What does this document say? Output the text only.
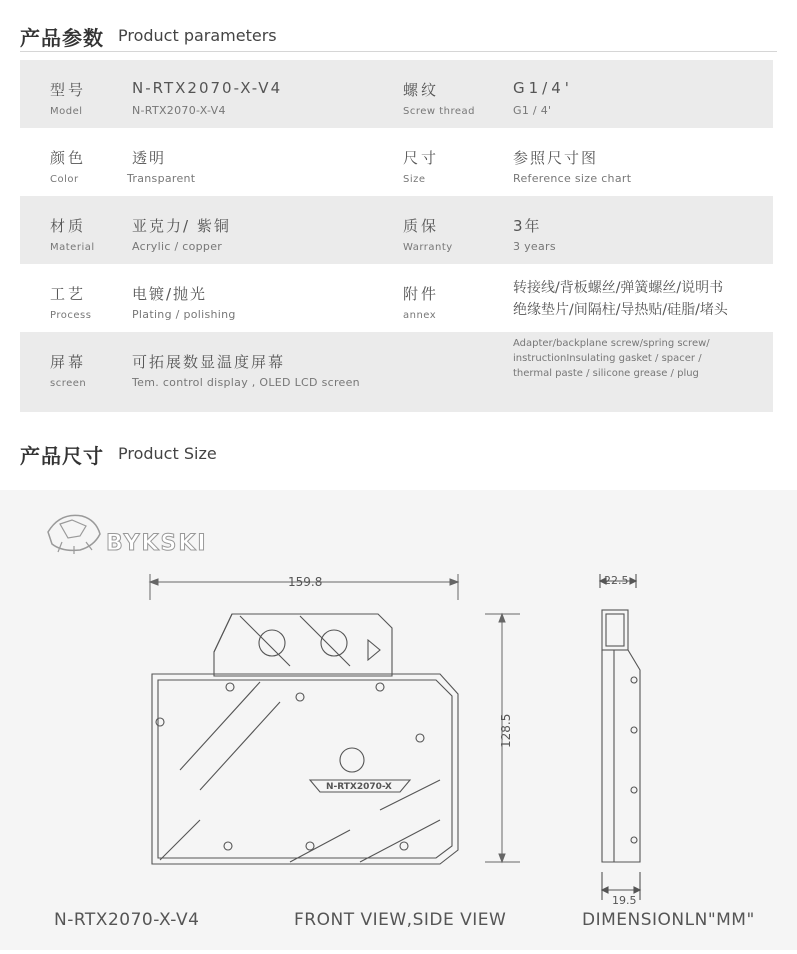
产品参数 Product parameters
型号
Model
N-RTX2070-X-V4
N-RTX2070-X-V4
螺纹
Screw thread
G1/4'
G1 / 4'
颜色
Color
透明
Transparent
尺寸
Size
参照尺寸图
Reference size chart
材质
Material
亚克力/ 紫铜
Acrylic / copper
质保
Warranty
3年
3 years
工艺
Process
电镀/抛光
Plating / polishing
附件
annex
转接线/背板螺丝/弹簧螺丝/说明书
绝缘垫片/间隔柱/导热贴/硅脂/堵头
屏幕
screen
可拓展数显温度屏幕
Tem. control display , OLED LCD screen
Adapter/backplane screw/spring screw/
instructionInsulating gasket / spacer /
thermal paste / silicone grease / plug
产品尺寸 Product Size
BYKSKI
159.8
128.5
N-RTX2070-X
22.5
19.5
N-RTX2070-X-V4	FRONT VIEW,SIDE VIEW	DIMENSIONLN"MM"
